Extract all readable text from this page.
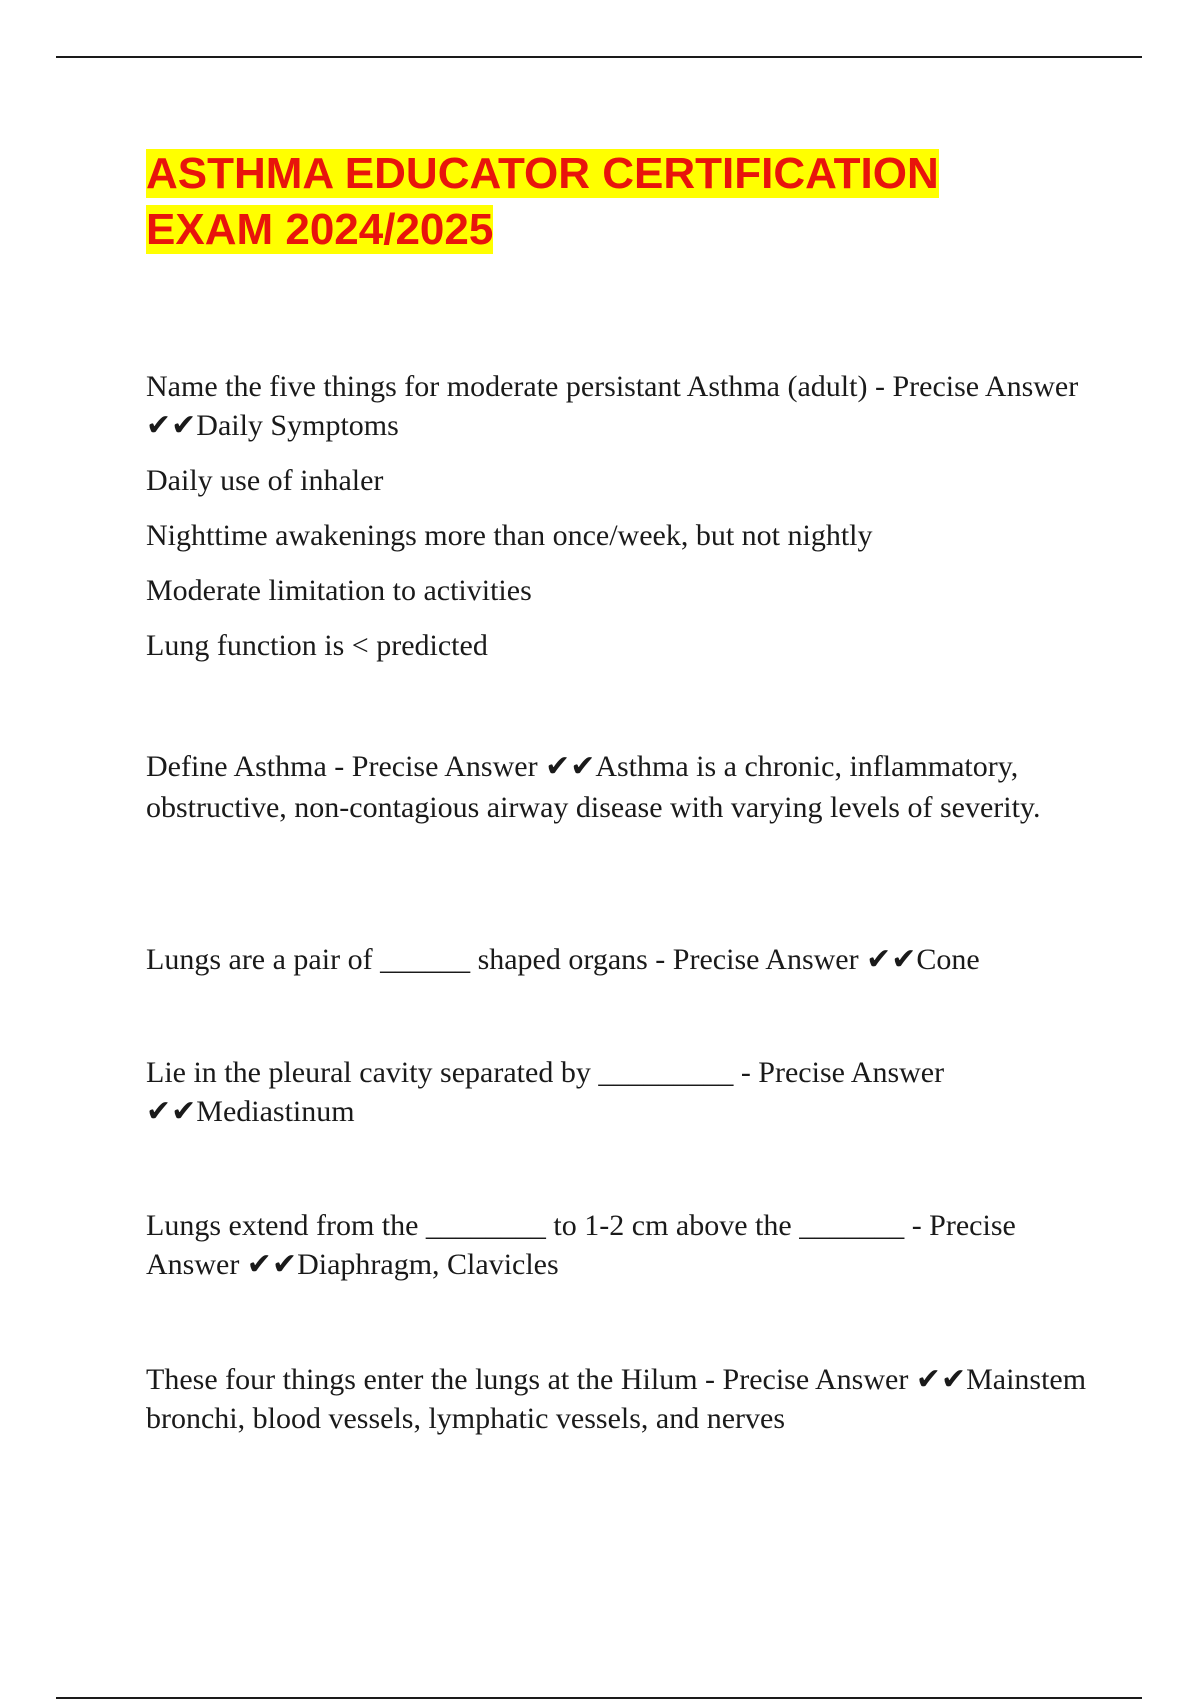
ASTHMA EDUCATOR CERTIFICATION
EXAM 2024/2025

Name the five things for moderate persistant Asthma (adult) - Precise Answer ✔✔Daily Symptoms

Daily use of inhaler

Nighttime awakenings more than once/week, but not nightly

Moderate limitation to activities

Lung function is < predicted

Define Asthma - Precise Answer ✔✔Asthma is a chronic, inflammatory, obstructive, non-contagious airway disease with varying levels of severity.

Lungs are a pair of ______ shaped organs - Precise Answer ✔✔Cone

Lie in the pleural cavity separated by _________ - Precise Answer ✔✔Mediastinum

Lungs extend from the ________ to 1-2 cm above the _______ - Precise Answer ✔✔Diaphragm, Clavicles

These four things enter the lungs at the Hilum - Precise Answer ✔✔Mainstem bronchi, blood vessels, lymphatic vessels, and nerves
